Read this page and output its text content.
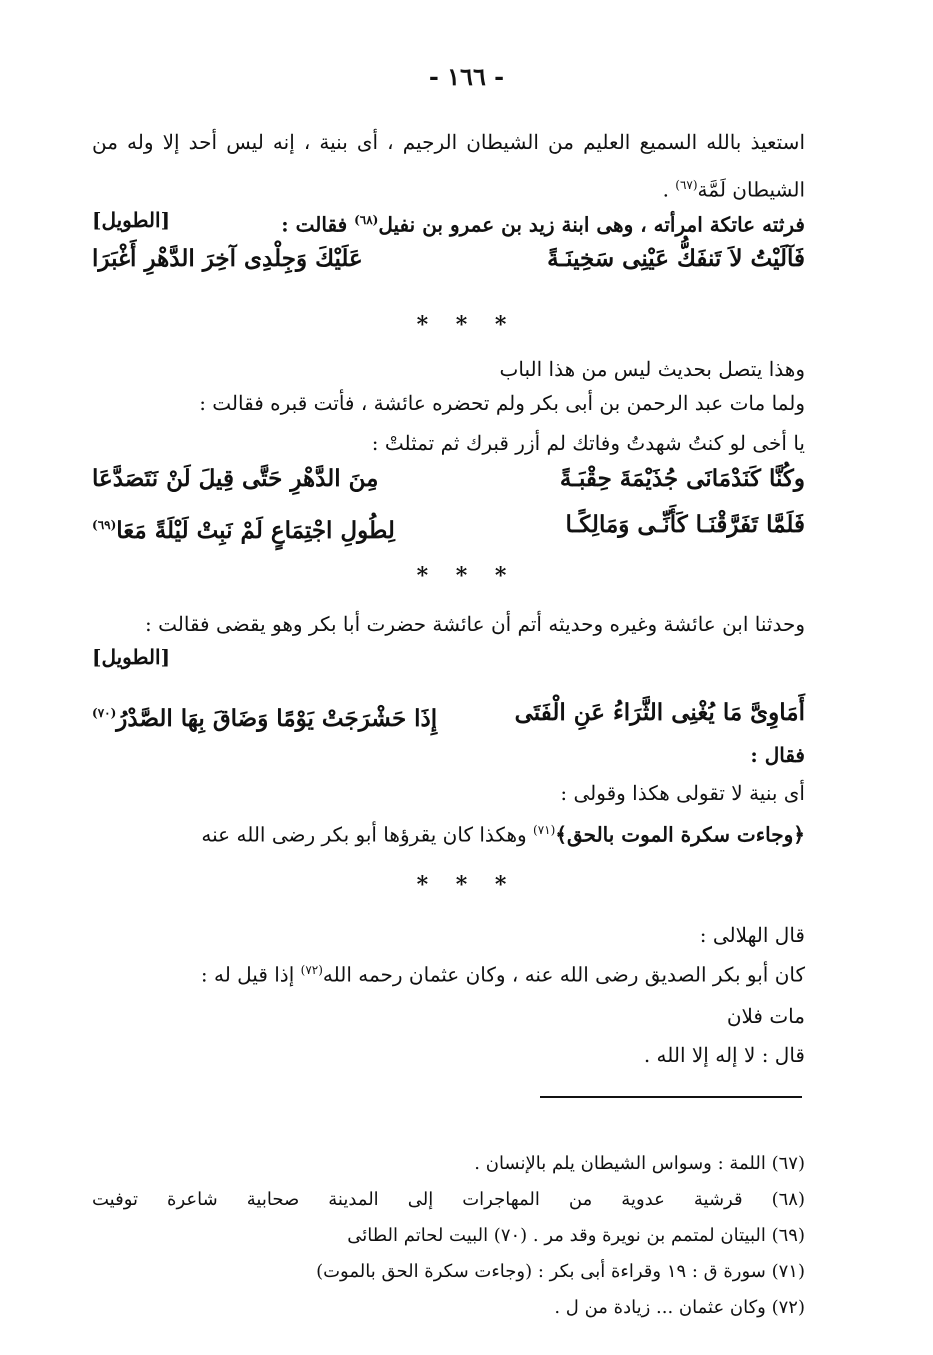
- ١٦٦ -
استعيذ بالله السميع العليم من الشيطان الرجيم ، أى بنية ، إنه ليس أحد إلا وله من
الشيطان لَمَّة$^{(٦٧)}$ .
فرثته عاتكة امرأته ، وهى ابنة زيد بن عمرو بن نفيل$^{(٦٨)}$ فقالت :
[الطويل]
فَآلَيْتُ لاَ تَنفَكُّ عَيْنِى سَخِينَـةً
عَلَيْكَ وَجِلْدِى آخِرَ الدَّهْرِ أَغْبَرَا
* * *
وهذا يتصل بحديث ليس من هذا الباب
ولما مات عبد الرحمن بن أبى بكر ولم تحضره عائشة ، فأتت قبره فقالت :
يا أخى لو كنتُ شهدتُ وفاتك لم أزر قبرك ثم تمثلتْ :
وكُنَّا كَنَدْمَانَى جُذَيْمَةَ حِقْبَـةً
مِنَ الدَّهْرِ حَتَّى قِيلَ لَنْ نَتَصَدَّعَا
فَلَمَّا تَفَرَّقْنَـا كَأَنِّـى وَمَالِكًـا
لِطُولِ اجْتِمَاعٍ لَمْ نَبِتْ لَيْلَةً مَعَا$^{(٦٩)}$
* * *
وحدثنا ابن عائشة وغيره وحديثه أتم أن عائشة حضرت أبا بكر وهو يقضى فقالت :
[الطويل]
أَمَاوِىَّ مَا يُغْنِى الثَّرَاءُ عَنِ الْفَتَى
إِذَا حَشْرَجَتْ يَوْمًا وَضَاقَ بِهَا الصَّدْرُ$^{(٧٠)}$
فقال :
أى بنية لا تقولى هكذا وقولى :
﴿وجاءت سكرة الموت بالحق﴾$^{(٧١)}$ وهكذا كان يقرؤها أبو بكر رضى الله عنه
* * *
قال الهلالى :
كان أبو بكر الصديق رضى الله عنه ، وكان عثمان رحمه الله$^{(٧٢)}$ إذا قيل له :
مات فلان
قال : لا إله إلا الله .
(٦٧) اللمة : وسواس الشيطان يلم بالإنسان .
(٦٨) قرشية عدوية من المهاجرات إلى المدينة صحابية شاعرة توفيت
(٦٩) البيتان لمتمم بن نويرة وقد مر . (٧٠) البيت لحاتم الطائى
(٧١) سورة ق : ١٩ وقراءة أبى بكر : (وجاءت سكرة الحق بالموت)
(٧٢) وكان عثمان ... زيادة من ل .
